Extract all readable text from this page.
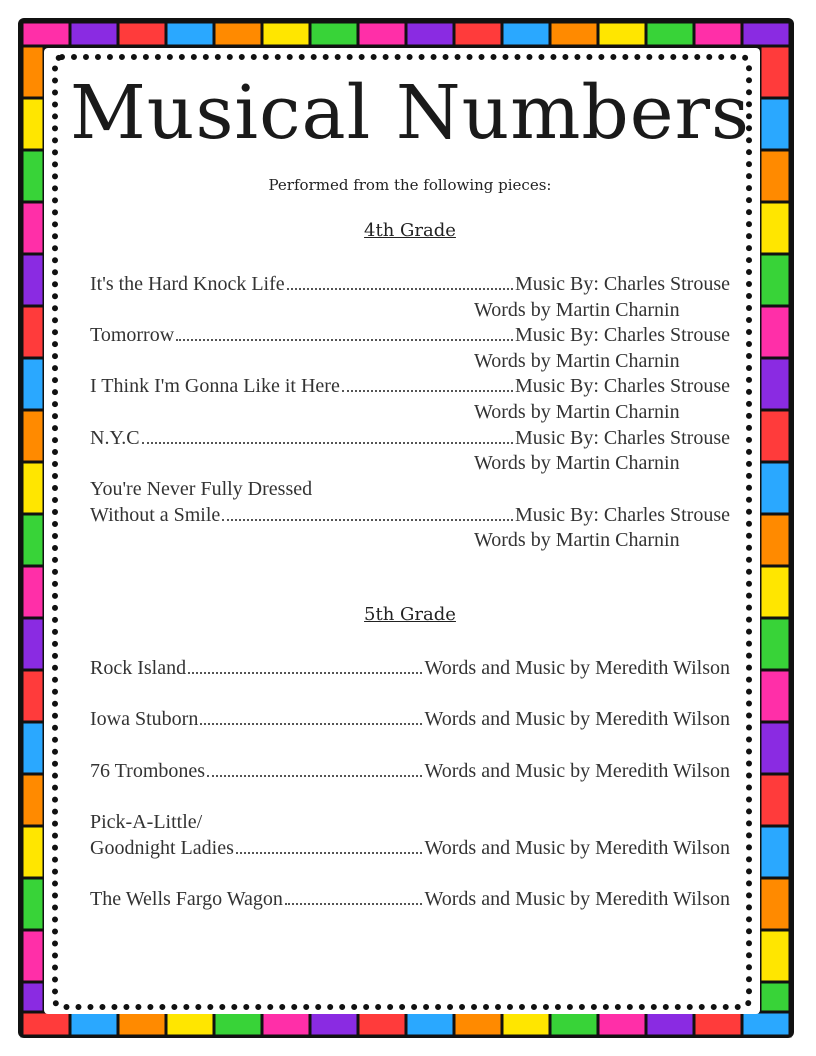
Musical Numbers
Performed from the following pieces:
4th Grade
It's the Hard Knock Life	Music By: Charles Strouse
Words by Martin Charnin
Tomorrow	Music By: Charles Strouse
Words by Martin Charnin
I Think I'm Gonna Like it Here	Music By: Charles Strouse
Words by Martin Charnin
N.Y.C	Music By: Charles Strouse
Words by Martin Charnin
You're Never Fully Dressed
Without a Smile	Music By: Charles Strouse
Words by Martin Charnin
5th Grade
Rock Island	Words and Music by Meredith Wilson
Iowa Stuborn	Words and Music by Meredith Wilson
76 Trombones	Words and Music by Meredith Wilson
Pick-A-Little/
Goodnight Ladies	Words and Music by Meredith Wilson
The Wells Fargo Wagon	Words and Music by Meredith Wilson
